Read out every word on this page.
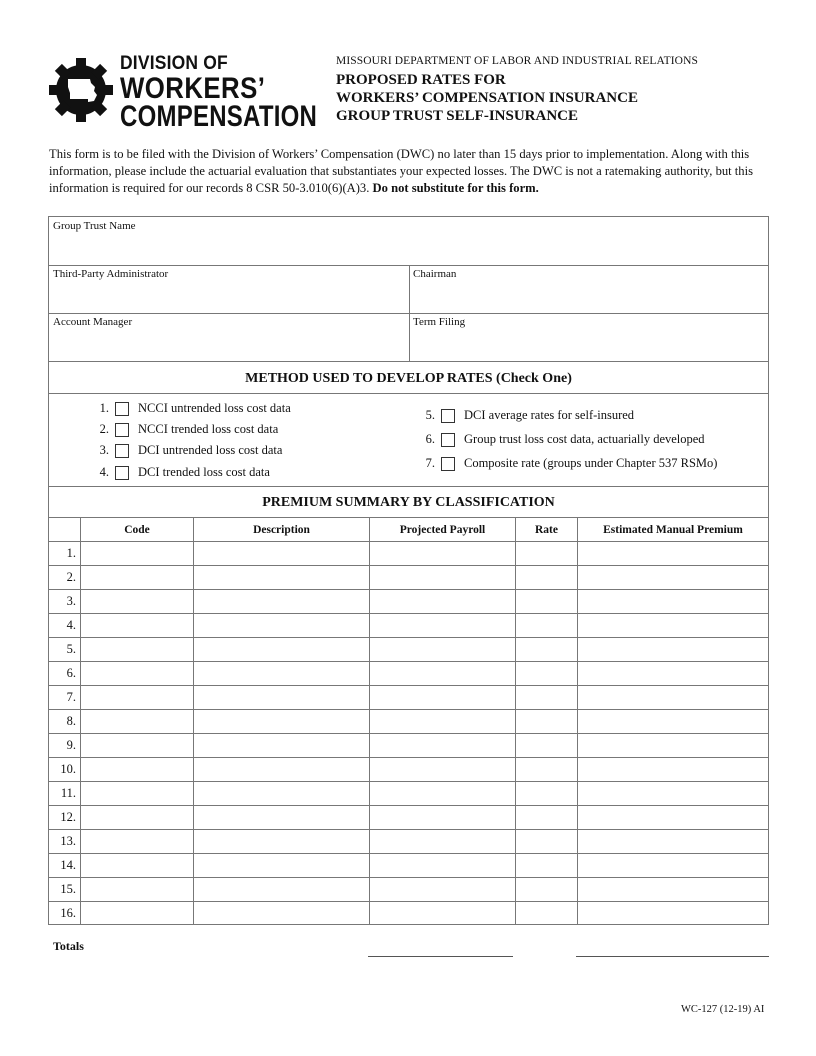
DIVISION OF
WORKERS’
COMPENSATION
MISSOURI DEPARTMENT OF LABOR AND INDUSTRIAL RELATIONS
PROPOSED RATES FOR
WORKERS’ COMPENSATION INSURANCE
GROUP TRUST SELF-INSURANCE
This form is to be filed with the Division of Workers’ Compensation (DWC) no later than 15 days prior to implementation. Along with this information, please include the actuarial evaluation that substantiates your expected losses. The DWC is not a ratemaking authority, but this information is required for our records 8 CSR 50-3.010(6)(A)3. Do not substitute for this form.
Group Trust Name
Third-Party Administrator	Chairman
Account Manager	Term Filing
METHOD USED TO DEVELOP RATES (Check One)
1. NCCI untrended loss cost data
2. NCCI trended loss cost data
3. DCI untrended loss cost data
4. DCI trended loss cost data
5. DCI average rates for self-insured
6. Group trust loss cost data, actuarially developed
7. Composite rate (groups under Chapter 537 RSMo)
PREMIUM SUMMARY BY CLASSIFICATION
Code	Description	Projected Payroll	Rate	Estimated Manual Premium
1.
2.
3.
4.
5.
6.
7.
8.
9.
10.
11.
12.
13.
14.
15.
16.
Totals
WC-127 (12-19) AI
